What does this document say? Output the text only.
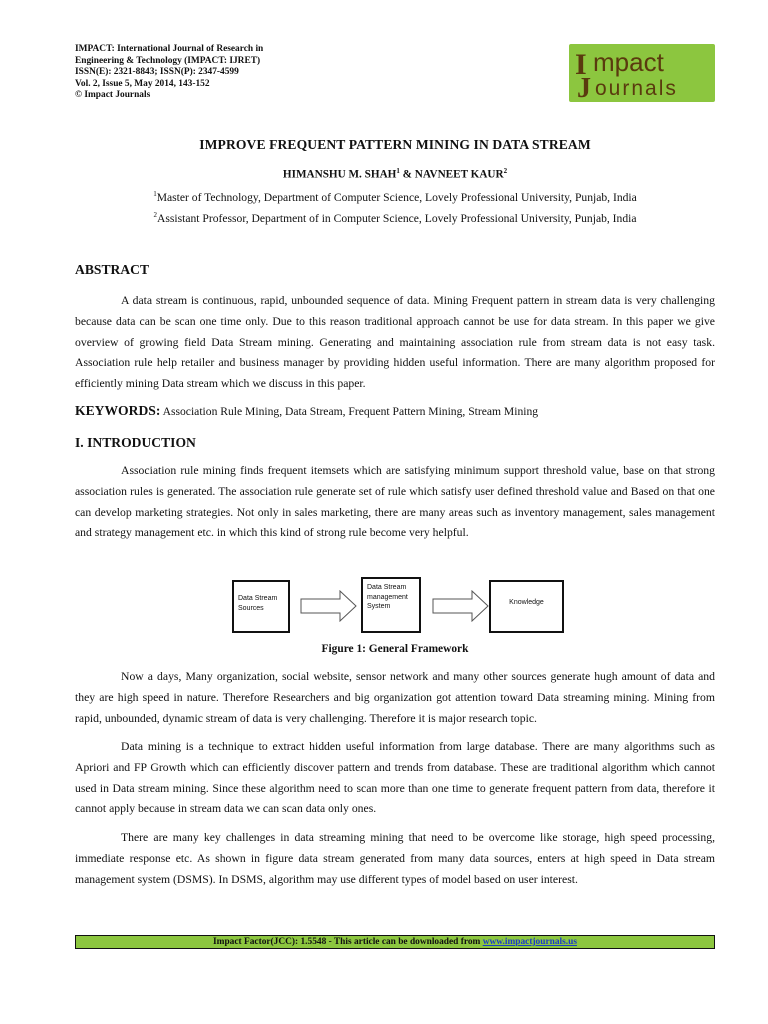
IMPACT: International Journal of Research in
Engineering & Technology (IMPACT: IJRET)
ISSN(E): 2321-8843; ISSN(P): 2347-4599
Vol. 2, Issue 5, May 2014, 143-152
© Impact Journals
I mpact
J ournals
IMPROVE FREQUENT PATTERN MINING IN DATA STREAM
HIMANSHU M. SHAH$^1$ & NAVNEET KAUR$^2$
$^1$Master of Technology, Department of Computer Science, Lovely Professional University, Punjab, India
$^2$Assistant Professor, Department of in Computer Science, Lovely Professional University, Punjab, India
ABSTRACT

A data stream is continuous, rapid, unbounded sequence of data. Mining Frequent pattern in stream data is very challenging because data can be scan one time only. Due to this reason traditional approach cannot be use for data stream. In this paper we give overview of growing field Data Stream mining. Generating and maintaining association rule from stream data is not easy task. Association rule help retailer and business manager by providing hidden useful information. There are many algorithm proposed for efficiently mining Data stream which we discuss in this paper.

KEYWORDS: Association Rule Mining, Data Stream, Frequent Pattern Mining, Stream Mining
I. INTRODUCTION

Association rule mining finds frequent itemsets which are satisfying minimum support threshold value, base on that strong association rules is generated. The association rule generate set of rule which satisfy user defined threshold value and Based on that one can develop marketing strategies. Not only in sales marketing, there are many areas such as inventory management, sales management and strategy management etc. in which this kind of strong rule become very helpful.

Data Stream Sources
Data Stream management System
Knowledge
Figure 1: General Framework

Now a days, Many organization, social website, sensor network and many other sources generate hugh amount of data and they are high speed in nature. Therefore Researchers and big organization got attention toward Data streaming mining. Mining from rapid, unbounded, dynamic stream of data is very challenging. Therefore it is major research topic.

Data mining is a technique to extract hidden useful information from large database. There are many algorithms such as Apriori and FP Growth which can efficiently discover pattern and trends from database. These are traditional algorithm which cannot used in Data stream mining. Since these algorithm need to scan more than one time to generate frequent pattern from data, therefore it cannot apply because in stream data we can scan data only ones.

There are many key challenges in data streaming mining that need to be overcome like storage, high speed processing, immediate response etc. As shown in figure data stream generated from many data sources, enters at high speed in Data stream management system (DSMS). In DSMS, algorithm may use different types of model based on user interest.

Impact Factor(JCC): 1.5548 - This article can be downloaded from www.impactjournals.us
